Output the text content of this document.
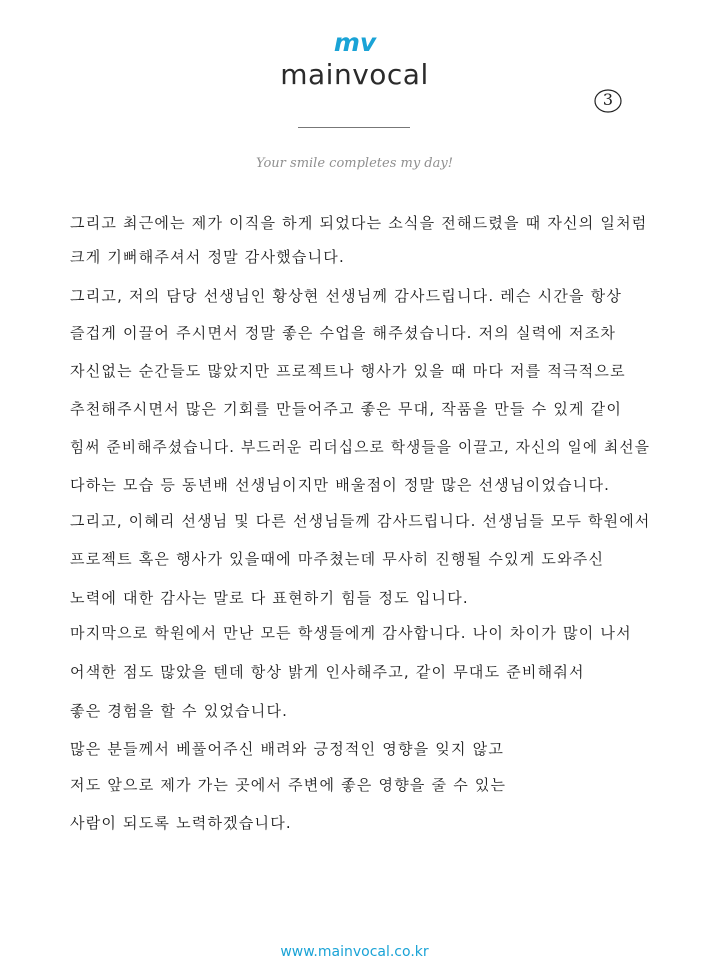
mv
mainvocal
3
Your smile completes my day!
그리고 최근에는 제가 이직을 하게 되었다는 소식을 전해드렸을 때 자신의 일처럼
크게 기뻐해주셔서 정말 감사했습니다.
그리고, 저의 담당 선생님인 황상현 선생님께 감사드립니다. 레슨 시간을 항상
즐겁게 이끌어 주시면서 정말 좋은 수업을 해주셨습니다. 저의 실력에 저조차
자신없는 순간들도 많았지만 프로젝트나 행사가 있을 때 마다 저를 적극적으로
추천해주시면서 많은 기회를 만들어주고 좋은 무대, 작품을 만들 수 있게 같이
힘써 준비해주셨습니다. 부드러운 리더십으로 학생들을 이끌고, 자신의 일에 최선을
다하는 모습 등 동년배 선생님이지만 배울점이 정말 많은 선생님이었습니다.
그리고, 이혜리 선생님 및 다른 선생님들께 감사드립니다. 선생님들 모두 학원에서
프로젝트 혹은 행사가 있을때에 마주쳤는데 무사히 진행될 수있게 도와주신
노력에 대한 감사는 말로 다 표현하기 힘들 정도 입니다.
마지막으로 학원에서 만난 모든 학생들에게 감사합니다. 나이 차이가 많이 나서
어색한 점도 많았을 텐데 항상 밝게 인사해주고, 같이 무대도 준비해줘서
좋은 경험을 할 수 있었습니다.
많은 분들께서 베풀어주신 배려와 긍정적인 영향을 잊지 않고
저도 앞으로 제가 가는 곳에서 주변에 좋은 영향을 줄 수 있는
사람이 되도록 노력하겠습니다.
www.mainvocal.co.kr
